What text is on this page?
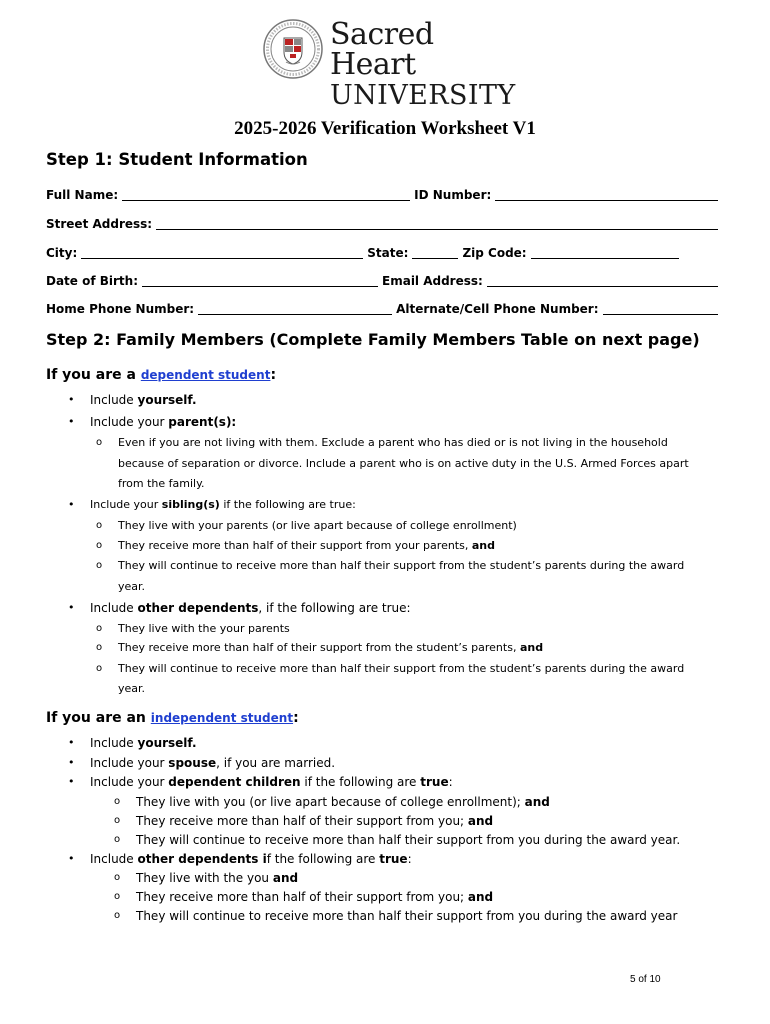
Sacred Heart
UNIVERSITY
2025-2026 Verification Worksheet V1
Step 1: Student Information
Full Name:	ID Number:
Street Address:
City:	State:	Zip Code:
Date of Birth:	Email Address:
Home Phone Number:	Alternate/Cell Phone Number:
Step 2: Family Members (Complete Family Members Table on next page)
If you are a dependent student:
• Include yourself.
• Include your parent(s):
o Even if you are not living with them. Exclude a parent who has died or is not living in the household
because of separation or divorce. Include a parent who is on active duty in the U.S. Armed Forces apart
from the family.
• Include your sibling(s) if the following are true:
o They live with your parents (or live apart because of college enrollment)
o They receive more than half of their support from your parents, and
o They will continue to receive more than half their support from the student’s parents during the award
year.
• Include other dependents, if the following are true:
o They live with the your parents
o They receive more than half of their support from the student’s parents, and
o They will continue to receive more than half their support from the student’s parents during the award
year.
If you are an independent student:
• Include yourself.
• Include your spouse, if you are married.
• Include your dependent children if the following are true:
o They live with you (or live apart because of college enrollment); and
o They receive more than half of their support from you; and
o They will continue to receive more than half their support from you during the award year.
• Include other dependents if the following are true:
o They live with the you and
o They receive more than half of their support from you; and
o They will continue to receive more than half their support from you during the award year
5 of 10
